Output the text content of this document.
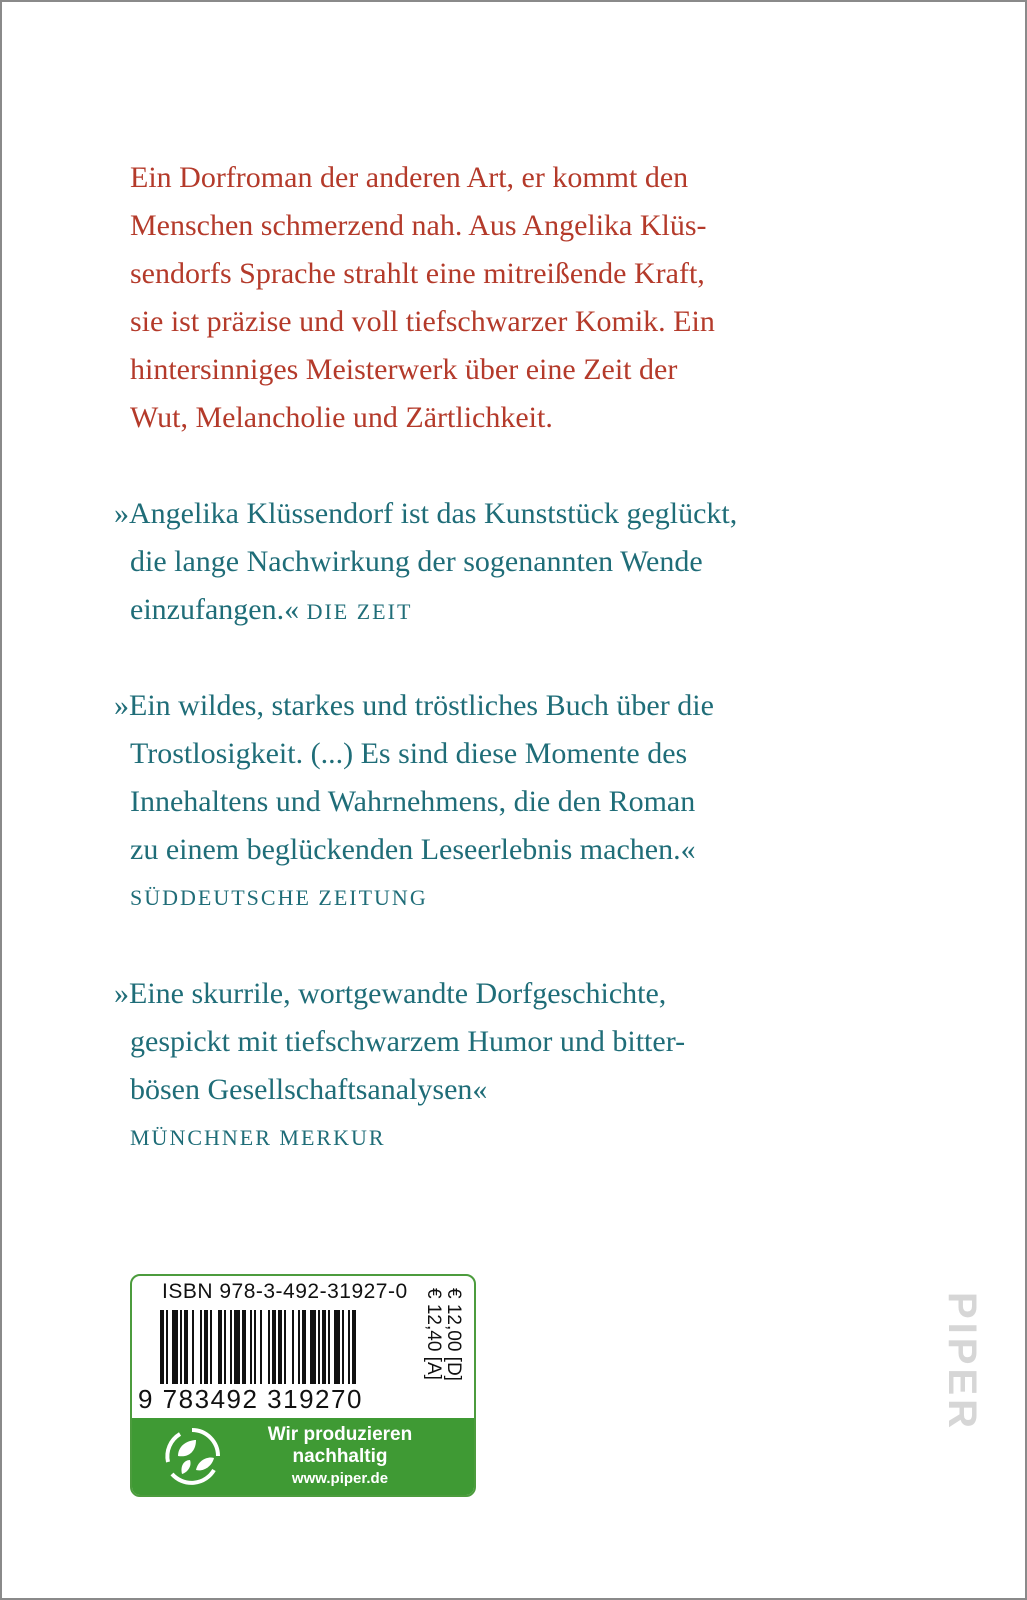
Ein Dorfroman der anderen Art, er kommt den
Menschen schmerzend nah. Aus Angelika Klüs-
sendorfs Sprache strahlt eine mitreißende Kraft,
sie ist präzise und voll tiefschwarzer Komik. Ein
hintersinniges Meisterwerk über eine Zeit der
Wut, Melancholie und Zärtlichkeit.

»Angelika Klüssendorf ist das Kunststück geglückt,
die lange Nachwirkung der sogenannten Wende
einzufangen.« DIE ZEIT

»Ein wildes, starkes und tröstliches Buch über die
Trostlosigkeit. (...) Es sind diese Momente des
Innehaltens und Wahrnehmens, die den Roman
zu einem beglückenden Leseerlebnis machen.«
SÜDDEUTSCHE ZEITUNG

»Eine skurrile, wortgewandte Dorfgeschichte,
gespickt mit tiefschwarzem Humor und bitter-
bösen Gesellschaftsanalysen«
MÜNCHNER MERKUR

ISBN 978-3-492-31927-0
9 783492 319270
€ 12,00 [D]
€ 12,40 [A]
Wir produzieren
nachhaltig
www.piper.de
PIPER
